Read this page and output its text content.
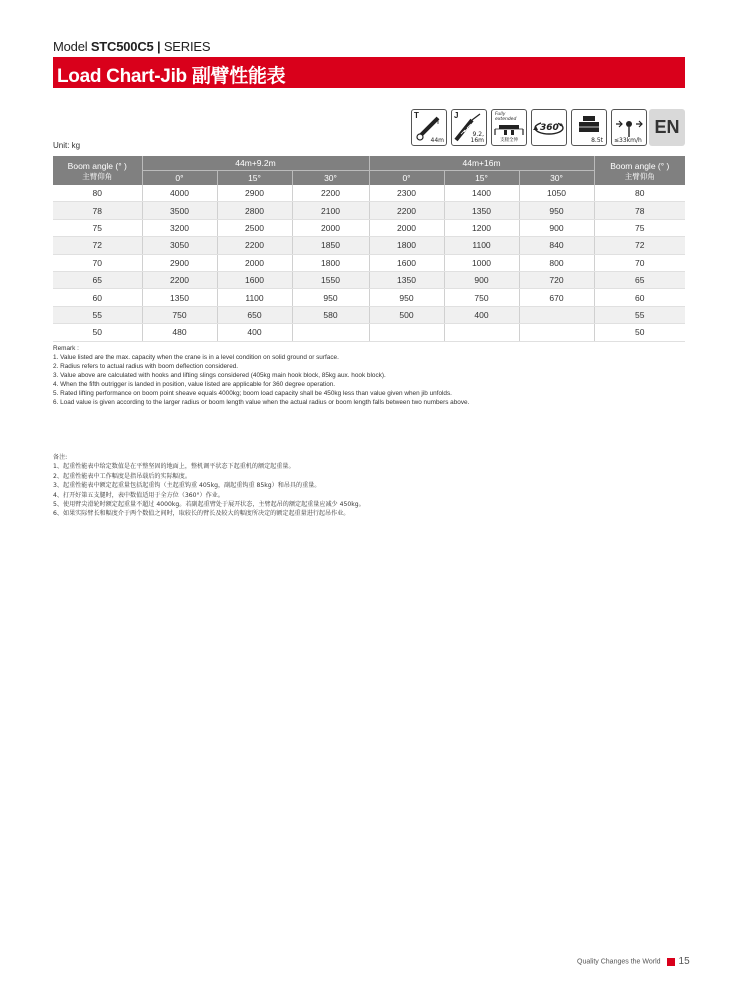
Model STC500C5 | SERIES
Load Chart-Jib 副臂性能表
T
44m
J
9.2,
16m
Fully extended
支腿全伸
360°
8.5t ≤33km/h
EN
Unit: kg
Boom angle (° )
主臂仰角	44m+9.2m			44m+16m			Boom angle (° )
主臂仰角

	0°	15°	30°	0°	15°	30°	
80	4000	2900	2200	2300	1400	1050	80
78	3500	2800	2100	2200	1350	950	78
75	3200	2500	2000	2000	1200	900	75
72	3050	2200	1850	1800	1100	840	72
70	2900	2000	1800	1600	1000	800	70
65	2200	1600	1550	1350	900	720	65
60	1350	1100	950	950	750	670	60
55	750	650	580	500	400		55
50	480	400					50

Remark :

1. Value listed are the max. capacity when the crane is in a level condition on solid ground or surface.

2. Radius refers to actual radius with boom deflection considered.

3. Value above are calculated with hooks and lifting slings considered (405kg main hook block, 85kg aux. hook block).

4. When the fifth outrigger is landed in position, value listed are applicable for 360 degree operation.

5. Rated lifting performance on boom point sheave equals 4000kg; boom load capacity shall be 450kg less than value given when jib unfolds.

6. Load value is given according to the larger radius or boom length value when the actual radius or boom length falls between two numbers above.

备注:

1、起重性能表中给定数值是在平整坚固的地面上，整机调平状态下起重机的额定起重量。

2、起重性能表中工作幅度是指吊载后的实际幅度。

3、起重性能表中额定起重量包括起重钩（主起重钩重 405kg，副起重钩重 85kg）和吊具的重量。

4、打开好第五支腿时，表中数值适用于全方位（360°）作业。

5、使用臂尖滑轮时额定起重量不超过 4000kg。若副起重臂处于展开状态，主臂起吊的额定起重量应减少 450kg。

6、如果实际臂长和幅度介于两个数值之间时，取较长的臂长及较大的幅度所决定的额定起重量进行起吊作业。

Quality Changes the World 15
